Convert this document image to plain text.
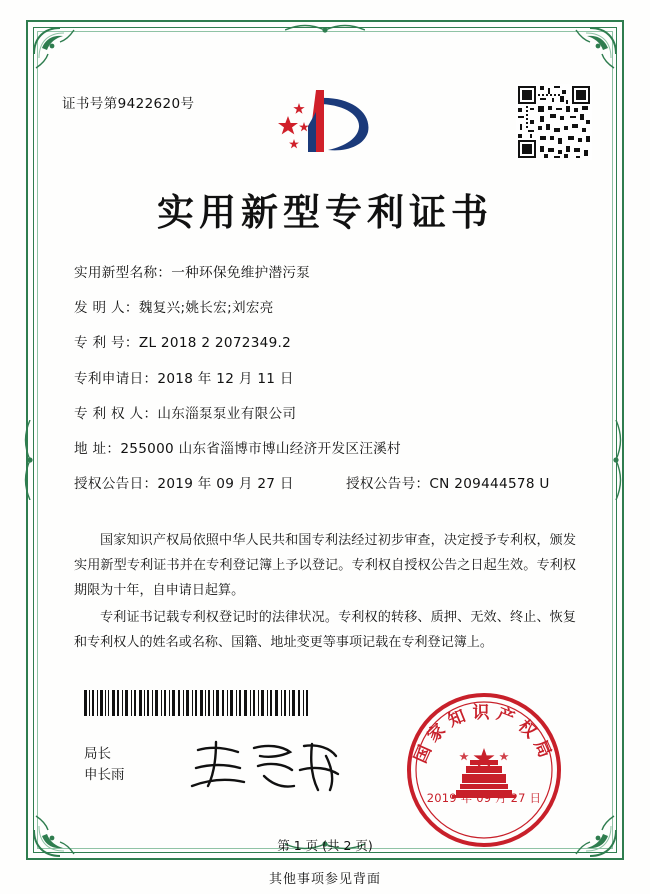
证书号第9422620号
实用新型专利证书
实用新型名称： 一种环保免维护潜污泵
发 明 人： 魏复兴;姚长宏;刘宏亮
专 利 号： ZL 2018 2 2072349.2
专利申请日： 2018 年 12 月 11 日
专 利 权 人： 山东淄泵泵业有限公司
地 址： 255000 山东省淄博市博山经济开发区汪溪村
授权公告日： 2019 年 09 月 27 日	授权公告号： CN 209444578 U

国家知识产权局依照中华人民共和国专利法经过初步审查，决定授予专利权，颁发实用新型专利证书并在专利登记簿上予以登记。专利权自授权公告之日起生效。专利权期限为十年，自申请日起算。

专利证书记载专利权登记时的法律状况。专利权的转移、质押、无效、终止、恢复和专利权人的姓名或名称、国籍、地址变更等事项记载在专利登记簿上。

局长
申长雨
国家知识产权局
2019 年 09 月 27 日
第 1 页 (共 2 页)
其他事项参见背面
